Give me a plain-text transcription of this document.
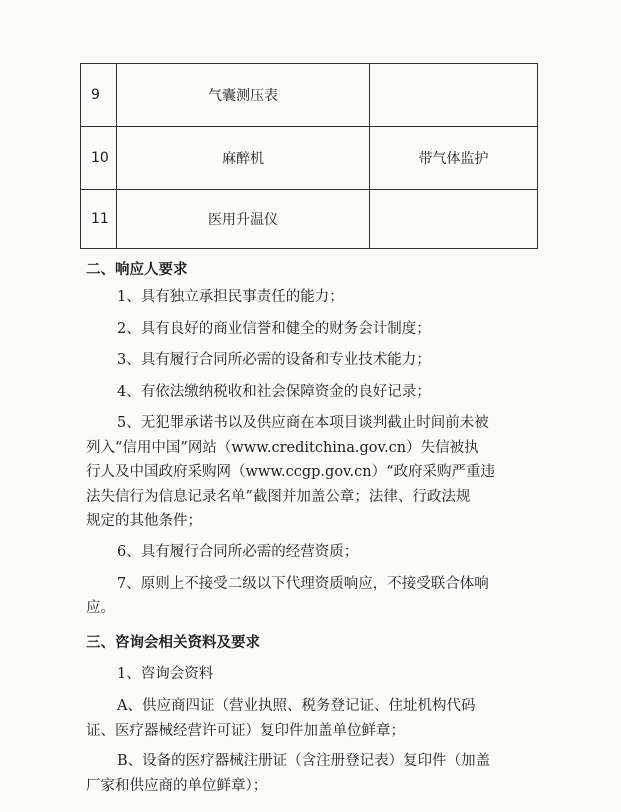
9	气囊测压表	
10	麻醉机	带气体监护
11	医用升温仪	
二、响应人要求
1、具有独立承担民事责任的能力；
2、具有良好的商业信誉和健全的财务会计制度；
3、具有履行合同所必需的设备和专业技术能力；
4、有依法缴纳税收和社会保障资金的良好记录；
5、无犯罪承诺书以及供应商在本项目谈判截止时间前未被
列入“信用中国”网站（www.creditchina.gov.cn）失信被执
行人及中国政府采购网（www.ccgp.gov.cn）“政府采购严重违
法失信行为信息记录名单”截图并加盖公章；法律、行政法规
规定的其他条件；
6、具有履行合同所必需的经营资质；
7、原则上不接受二级以下代理资质响应，不接受联合体响
应。
三、咨询会相关资料及要求
1、咨询会资料
A、供应商四证（营业执照、税务登记证、住址机构代码
证、医疗器械经营许可证）复印件加盖单位鲜章；
B、设备的医疗器械注册证（含注册登记表）复印件（加盖
厂家和供应商的单位鲜章）；
